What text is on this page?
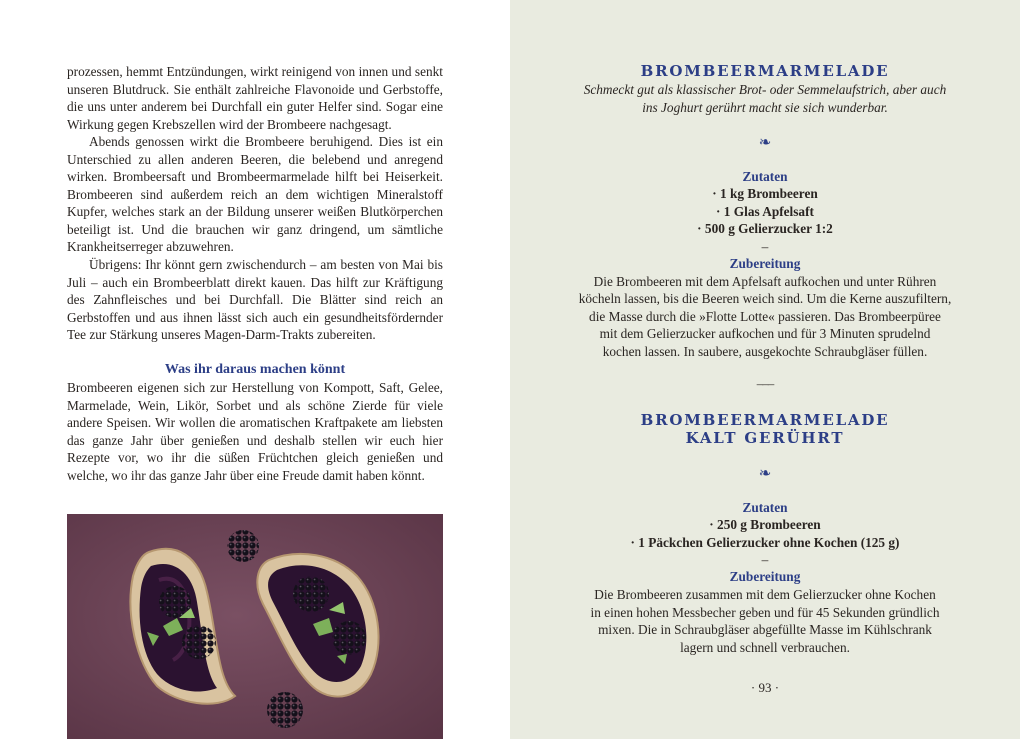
prozessen, hemmt Entzündungen, wirkt reinigend von innen und senkt unseren Blutdruck. Sie enthält zahlreiche Flavonoide und Gerbstoffe, die uns unter anderem bei Durchfall ein guter Helfer sind. Sogar eine Wirkung gegen Krebszellen wird der Brombeere nachgesagt.

Abends genossen wirkt die Brombeere beruhigend. Dies ist ein Unterschied zu allen anderen Beeren, die belebend und anregend wirken. Brombeersaft und Brombeermarmelade hilft bei Heiserkeit. Brombeeren sind außerdem reich an dem wichtigen Mineralstoff Kupfer, welches stark an der Bildung unserer weißen Blutkörperchen beteiligt ist. Und die brauchen wir ganz dringend, um sämtliche Krankheitserreger abzuwehren.

Übrigens: Ihr könnt gern zwischendurch – am besten von Mai bis Juli – auch ein Brombeerblatt direkt kauen. Das hilft zur Kräftigung des Zahnfleisches und bei Durchfall. Die Blätter sind reich an Gerbstoffen und aus ihnen lässt sich auch ein gesundheitsfördernder Tee zur Stärkung unseres Magen-Darm-Trakts zubereiten.

Was ihr daraus machen könnt

Brombeeren eigenen sich zur Herstellung von Kompott, Saft, Gelee, Marmelade, Wein, Likör, Sorbet und als schöne Zierde für viele andere Speisen. Wir wollen die aromatischen Kraftpakete am liebsten das ganze Jahr über genießen und deshalb stellen wir euch hier Rezepte vor, wo ihr die süßen Früchtchen gleich genießen und welche, wo ihr das ganze Jahr über eine Freude damit haben könnt.

BROMBEERMARMELADE
Schmeckt gut als klassischer Brot- oder Semmelaufstrich, aber auch
ins Joghurt gerührt macht sie sich wunderbar.
❧
Zutaten
· 1 kg Brombeeren
· 1 Glas Apfelsaft
· 500 g Gelierzucker 1:2
–
Zubereitung
Die Brombeeren mit dem Apfelsaft aufkochen und unter Rühren
köcheln lassen, bis die Beeren weich sind. Um die Kerne auszufiltern,
die Masse durch die »Flotte Lotte« passieren. Das Brombeerpüree
mit dem Gelierzucker aufkochen und für 3 Minuten sprudelnd
kochen lassen. In saubere, ausgekochte Schraubgläser füllen.
–––
BROMBEERMARMELADE
KALT GERÜHRT
❧
Zutaten
· 250 g Brombeeren
· 1 Päckchen Gelierzucker ohne Kochen (125 g)
–
Zubereitung
Die Brombeeren zusammen mit dem Gelierzucker ohne Kochen
in einen hohen Messbecher geben und für 45 Sekunden gründlich
mixen. Die in Schraubgläser abgefüllte Masse im Kühlschrank
lagern und schnell verbrauchen.
· 93 ·
